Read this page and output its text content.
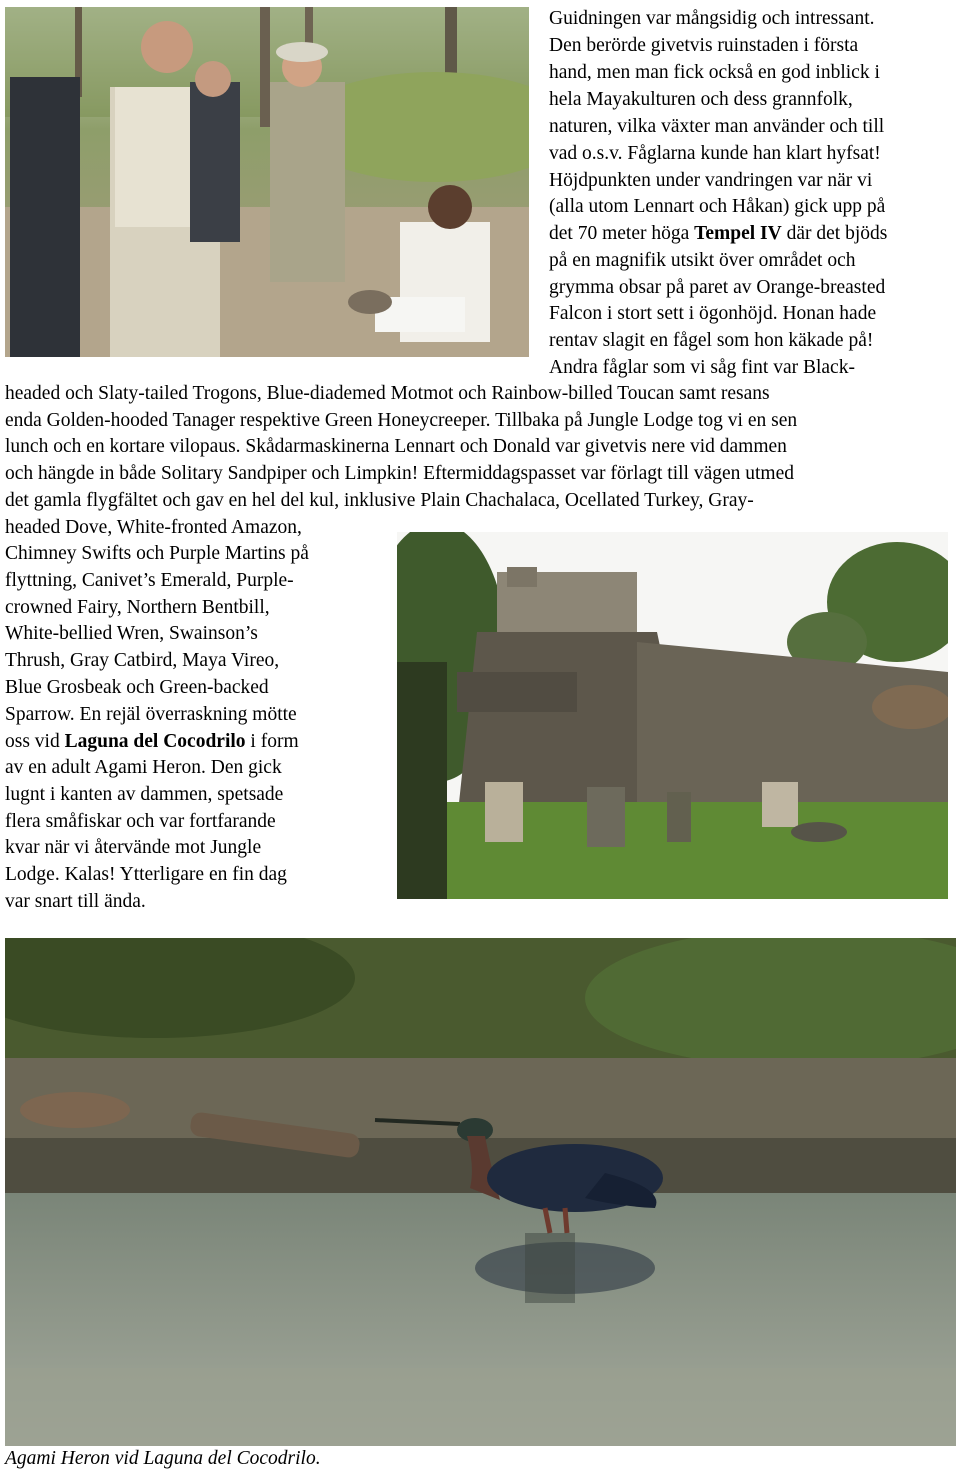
Guidningen var mångsidig och intressant.

Den berörde givetvis ruinstaden i första

hand, men man fick också en god inblick i

hela Mayakulturen och dess grannfolk,

naturen, vilka växter man använder och till

vad o.s.v. Fåglarna kunde han klart hyfsat!

Höjdpunkten under vandringen var när vi

(alla utom Lennart och Håkan) gick upp på

det 70 meter höga Tempel IV där det bjöds

på en magnifik utsikt över området och

grymma obsar på paret av Orange-breasted

Falcon i stort sett i ögonhöjd. Honan hade

rentav slagit en fågel som hon käkade på!

Andra fåglar som vi såg fint var Black-

headed och Slaty-tailed Trogons, Blue-diademed Motmot och Rainbow-billed Toucan samt resans

enda Golden-hooded Tanager respektive Green Honeycreeper. Tillbaka på Jungle Lodge tog vi en sen

lunch och en kortare vilopaus. Skådarmaskinerna Lennart och Donald var givetvis nere vid dammen

och hängde in både Solitary Sandpiper och Limpkin! Eftermiddagspasset var förlagt till vägen utmed

det gamla flygfältet och gav en hel del kul, inklusive Plain Chachalaca, Ocellated Turkey, Gray-

headed Dove, White-fronted Amazon,

Chimney Swifts och Purple Martins på

flyttning, Canivet’s Emerald, Purple-

crowned Fairy, Northern Bentbill,

White-bellied Wren, Swainson’s

Thrush, Gray Catbird, Maya Vireo,

Blue Grosbeak och Green-backed

Sparrow. En rejäl överraskning mötte

oss vid Laguna del Cocodrilo i form

av en adult Agami Heron. Den gick

lugnt i kanten av dammen, spetsade

flera småfiskar och var fortfarande

kvar när vi återvände mot Jungle

Lodge. Kalas! Ytterligare en fin dag

var snart till ända.

Agami Heron vid Laguna del Cocodrilo.
